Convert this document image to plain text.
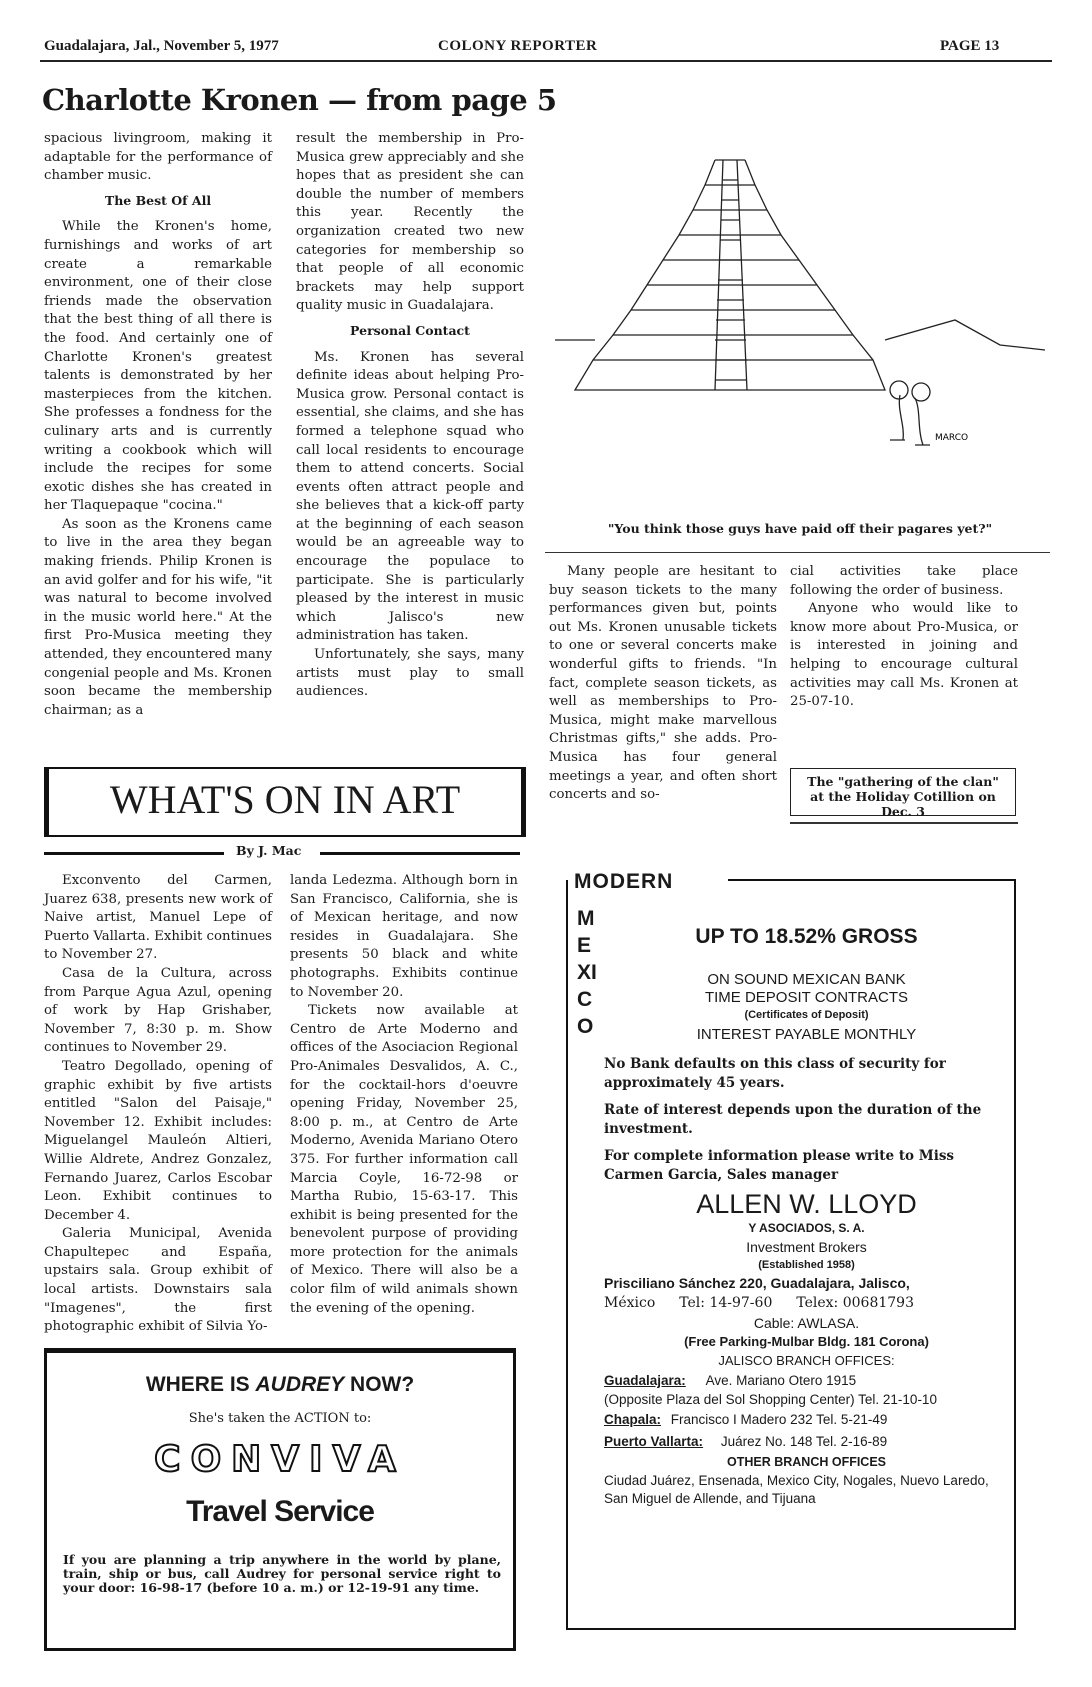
Guadalajara, Jal., November 5, 1977	COLONY REPORTER	PAGE 13
Charlotte Kronen — from page 5

spacious livingroom, making it adaptable for the performance of chamber music.

The Best Of All

While the Kronen's home, furnishings and works of art create a remarkable environment, one of their close friends made the observation that the best thing of all there is the food. And certainly one of Charlotte Kronen's greatest talents is demonstrated by her masterpieces from the kitchen. She professes a fondness for the culinary arts and is currently writing a cookbook which will include the recipes for some exotic dishes she has created in her Tlaquepaque "cocina."

As soon as the Kronens came to live in the area they began making friends. Philip Kronen is an avid golfer and for his wife, "it was natural to become involved in the music world here." At the first Pro-Musica meeting they attended, they encountered many congenial people and Ms. Kronen soon became the membership chairman; as a

result the membership in Pro-Musica grew appreciably and she hopes that as president she can double the number of members this year. Recently the organization created two new categories for membership so that people of all economic brackets may help support quality music in Guadalajara.

Personal Contact

Ms. Kronen has several definite ideas about helping Pro-Musica grow. Personal contact is essential, she claims, and she has formed a telephone squad who call local residents to encourage them to attend concerts. Social events often attract people and she believes that a kick-off party at the beginning of each season would be an agreeable way to encourage the populace to participate. She is particularly pleased by the interest in music which Jalisco's new administration has taken.

Unfortunately, she says, many artists must play to small audiences.

MARCO
"You think those guys have paid off their pagares yet?"

Many people are hesitant to buy season tickets to the many performances given but, points out Ms. Kronen unusable tickets to one or several concerts make wonderful gifts to friends. "In fact, complete season tickets, as well as memberships to Pro-Musica, might make marvellous Christmas gifts," she adds. Pro-Musica has four general meetings a year, and often short concerts and so-

cial activities take place following the order of business.

Anyone who would like to know more about Pro-Musica, or is interested in joining and helping to encourage cultural activities may call Ms. Kronen at 25-07-10.

The "gathering of the clan" at the Holiday Cotillion on Dec. 3
WHAT'S ON IN ART
By J. Mac

Exconvento del Carmen, Juarez 638, presents new work of Naive artist, Manuel Lepe of Puerto Vallarta. Exhibit continues to November 27.

Casa de la Cultura, across from Parque Agua Azul, opening of work by Hap Grishaber, November 7, 8:30 p. m. Show continues to November 29.

Teatro Degollado, opening of graphic exhibit by five artists entitled "Salon del Paisaje," November 12. Exhibit includes: Miguelangel Mauleón Altieri, Willie Aldrete, Andrez Gonzalez, Fernando Juarez, Carlos Escobar Leon. Exhibit continues to December 4.

Galeria Municipal, Avenida Chapultepec and España, upstairs sala. Group exhibit of local artists. Downstairs sala "Imagenes", the first photographic exhibit of Silvia Yo-

landa Ledezma. Although born in San Francisco, California, she is of Mexican heritage, and now resides in Guadalajara. She presents 50 black and white photographs. Exhibits continue to November 20.

Tickets now available at Centro de Arte Moderno and offices of the Asociacion Regional Pro-Animales Desvalidos, A. C., for the cocktail-hors d'oeuvre opening Friday, November 25, 8:00 p. m., at Centro de Arte Moderno, Avenida Mariano Otero 375. For further information call Marcia Coyle, 16-72-98 or Martha Rubio, 15-63-17. This exhibit is being presented for the benevolent purpose of providing more protection for the animals of Mexico. There will also be a color film of wild animals shown the evening of the opening.

WHERE IS AUDREY NOW?
She's taken the ACTION to:
CONVIVA
Travel Service
If you are planning a trip anywhere in the world by plane, train, ship or bus, call Audrey for personal service right to your door: 16-98-17 (before 10 a. m.) or 12-19-91 any time.
MODERN
MEXICO
UP TO 18.52% GROSS
ON SOUND MEXICAN BANK
TIME DEPOSIT CONTRACTS
(Certificates of Deposit)
INTEREST PAYABLE MONTHLY
No Bank defaults on this class of security for approximately 45 years.
Rate of interest depends upon the duration of the investment.
For complete information please write to Miss Carmen Garcia, Sales manager
ALLEN W. LLOYD
Y ASOCIADOS, S. A.
Investment Brokers
(Established 1958)
Prisciliano Sánchez 220, Guadalajara, Jalisco,
México Tel: 14-97-60 Telex: 00681793
Cable: AWLASA.
(Free Parking-Mulbar Bldg. 181 Corona)
JALISCO BRANCH OFFICES:
Guadalajara: Ave. Mariano Otero 1915
(Opposite Plaza del Sol Shopping Center) Tel. 21-10-10
Chapala: Francisco I Madero 232 Tel. 5-21-49
Puerto Vallarta: Juárez No. 148 Tel. 2-16-89
OTHER BRANCH OFFICES
Ciudad Juárez, Ensenada, Mexico City, Nogales, Nuevo Laredo, San Miguel de Allende, and Tijuana
